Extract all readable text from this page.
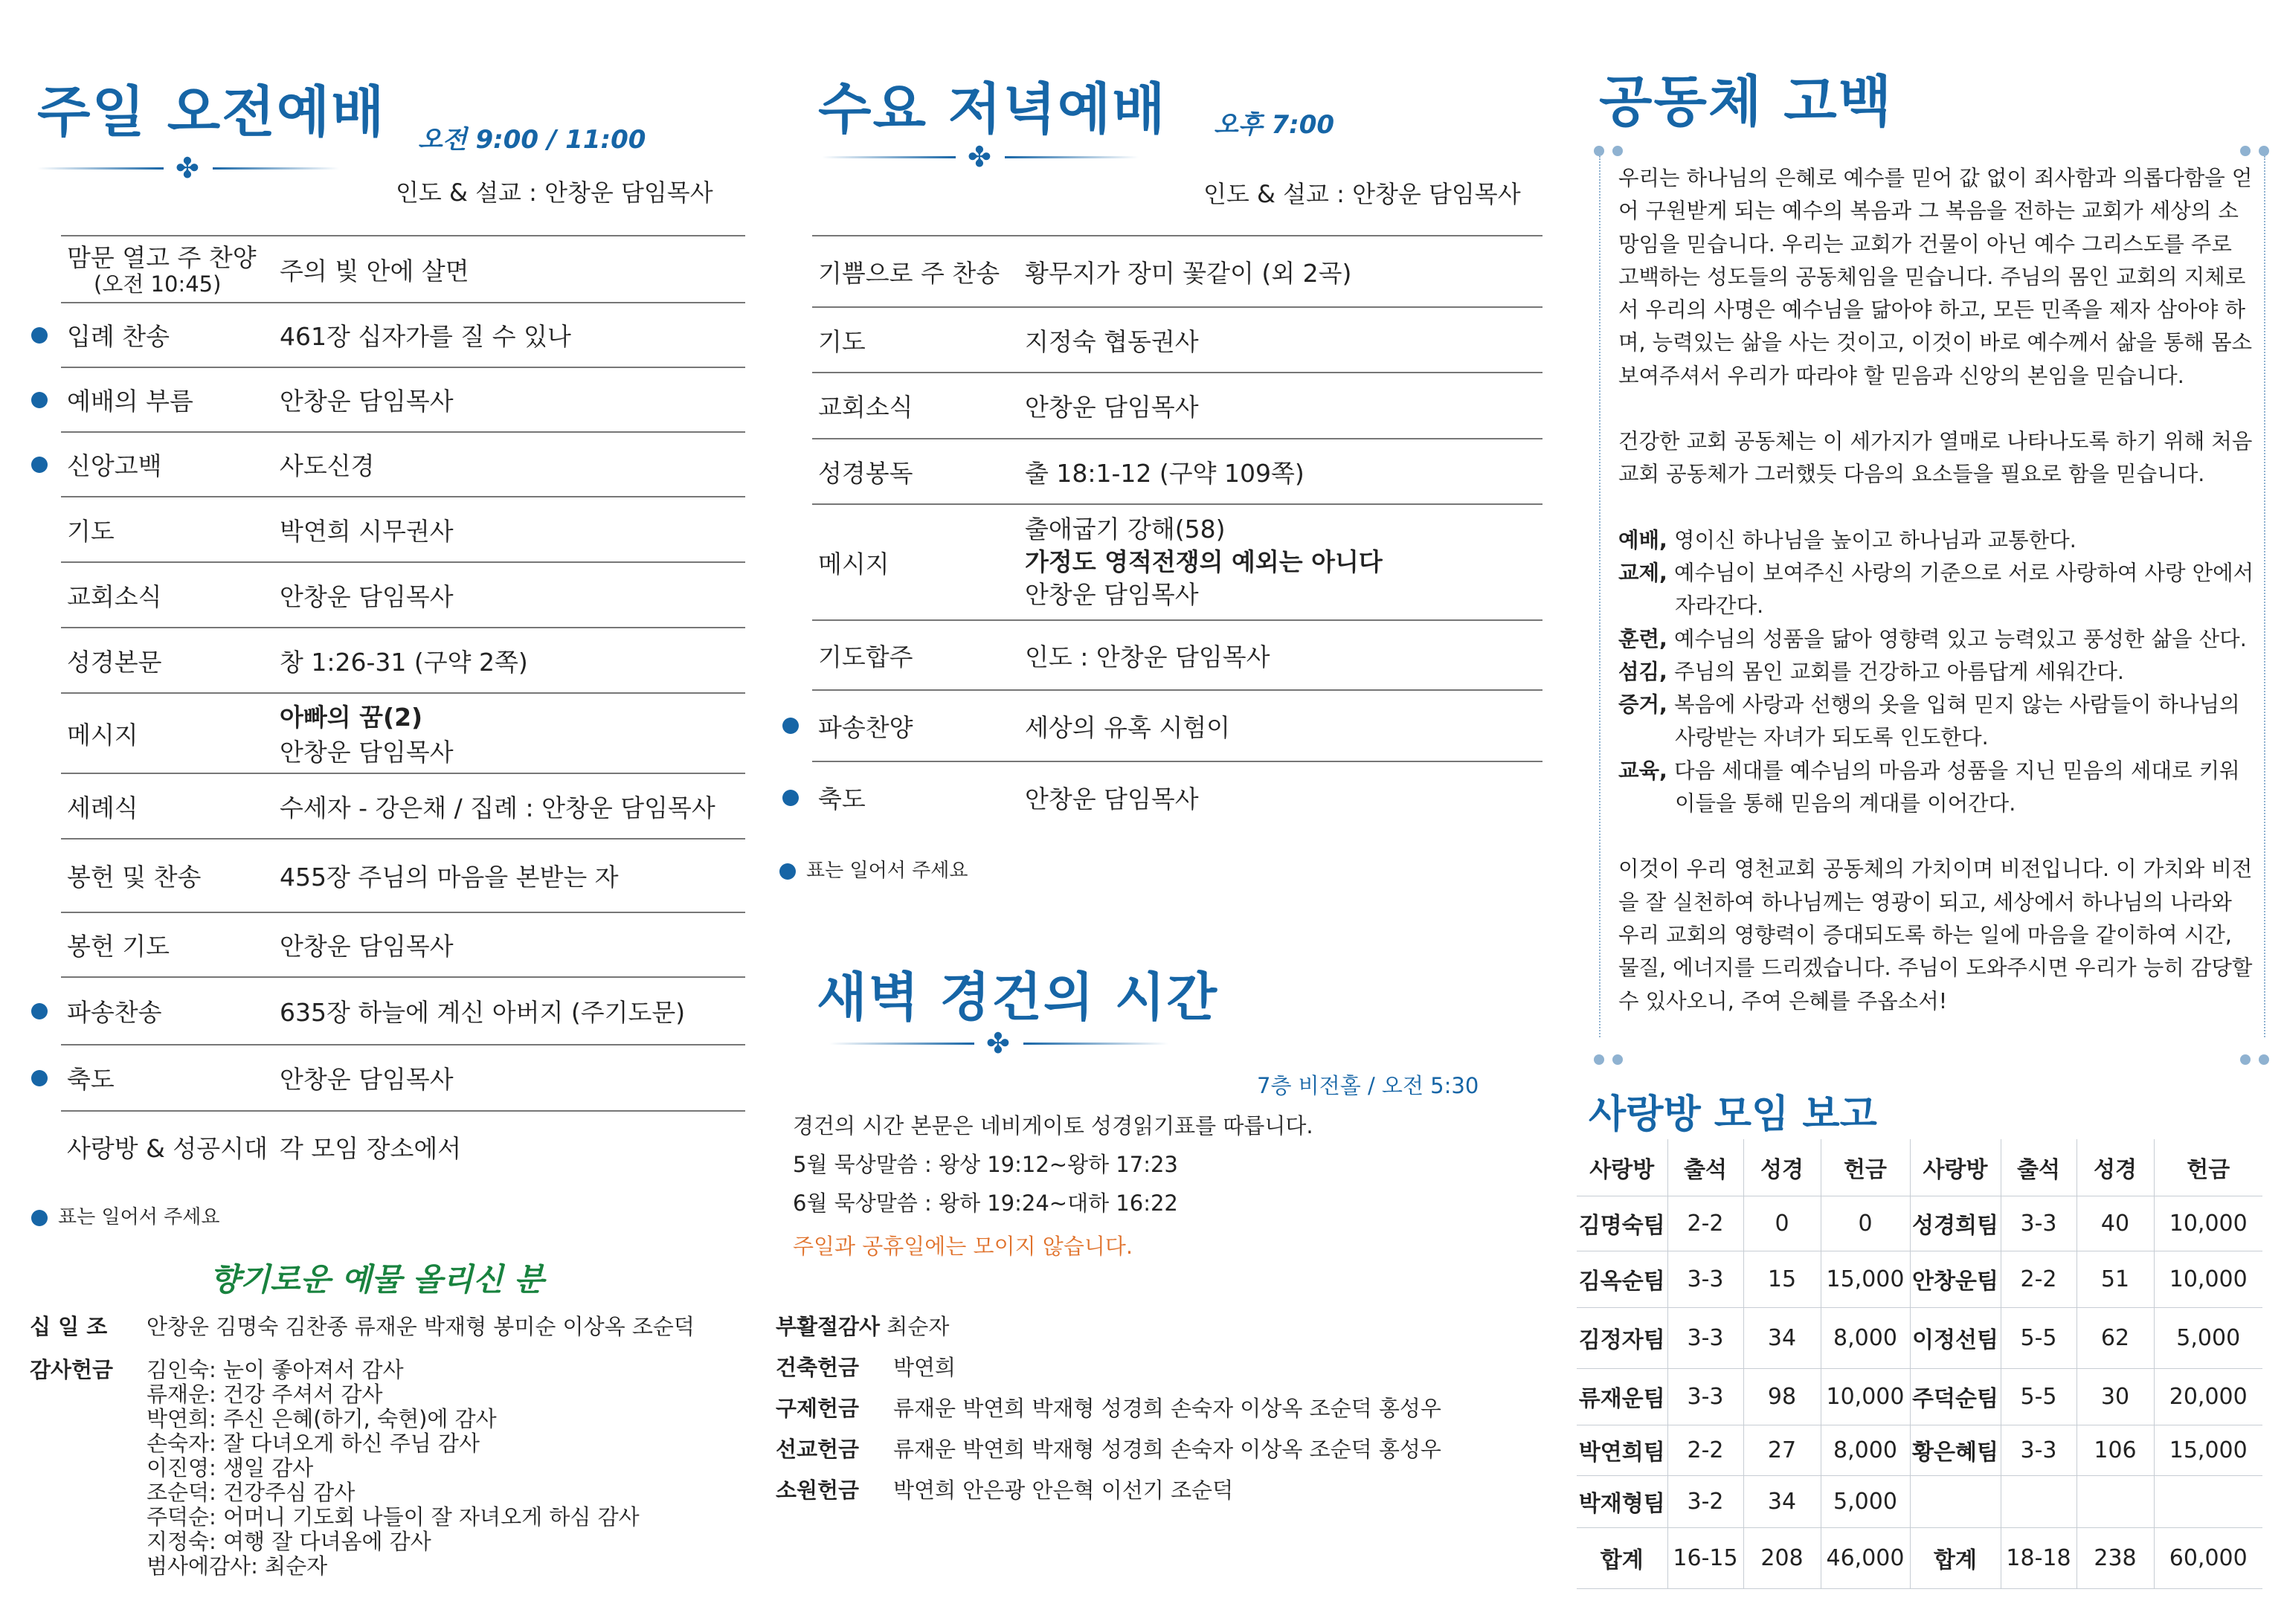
주일 오전예배
✤
오전 9:00 / 11:00
인도 & 설교 : 안창운 담임목사
맘문 열고 주 찬양
(오전 10:45)	주의 빛 안에 살면

입례 찬송	461장 십자가를 질 수 있나

예배의 부름	안창운 담임목사

신앙고백	사도신경
기도	박연희 시무권사
교회소식	안창운 담임목사
성경본문	창 1:26-31 (구약 2쪽)
메시지	아빠의 꿈(2)
안창운 담임목사

세례식	수세자 - 강은채 / 집례 : 안창운 담임목사
봉헌 및 찬송	455장 주님의 마음을 본받는 자
봉헌 기도	안창운 담임목사

파송찬송	635장 하늘에 계신 아버지 (주기도문)

축도	안창운 담임목사
사랑방 & 성공시대	각 모임 장소에서
표는 일어서 주세요
향기로운 예물 올리신 분
십 일 조 안창운 김명숙 김찬종 류재운 박재형 봉미순 이상옥 조순덕
감사헌금 김인숙: 눈이 좋아져서 감사
류재운: 건강 주셔서 감사
박연희: 주신 은혜(하기, 숙현)에 감사
손숙자: 잘 다녀오게 하신 주님 감사
이진영: 생일 감사
조순덕: 건강주심 감사
주덕순: 어머니 기도회 나들이 잘 자녀오게 하심 감사
지정숙: 여행 잘 다녀옴에 감사
범사에감사: 최순자
부활절감사 최순자
건축헌금 박연희
구제헌금 류재운 박연희 박재형 성경희 손숙자 이상옥 조순덕 홍성우
선교헌금 류재운 박연희 박재형 성경희 손숙자 이상옥 조순덕 홍성우
소원헌금 박연희 안은광 안은혁 이선기 조순덕
수요 저녁예배
✤
오후 7:00
인도 & 설교 : 안창운 담임목사
기쁨으로 주 찬송	황무지가 장미 꽃같이 (외 2곡)
기도	지정숙 협동권사
교회소식	안창운 담임목사
성경봉독	출 18:1-12 (구약 109쪽)
메시지	출애굽기 강해(58)
가정도 영적전쟁의 예외는 아니다
안창운 담임목사

기도합주	인도 : 안창운 담임목사

파송찬양	세상의 유혹 시험이

축도	안창운 담임목사
표는 일어서 주세요
새벽 경건의 시간
✤
7층 비전홀 / 오전 5:30
경건의 시간 본문은 네비게이토 성경읽기표를 따릅니다.
5월 묵상말씀 : 왕상 19:12~왕하 17:23
6월 묵상말씀 : 왕하 19:24~대하 16:22
주일과 공휴일에는 모이지 않습니다.
공동체 고백

우리는 하나님의 은혜로 예수를 믿어 값 없이 죄사함과 의롭다함을 얻어 구원받게 되는 예수의 복음과 그 복음을 전하는 교회가 세상의 소망임을 믿습니다. 우리는 교회가 건물이 아닌 예수 그리스도를 주로 고백하는 성도들의 공동체임을 믿습니다. 주님의 몸인 교회의 지체로서 우리의 사명은 예수님을 닮아야 하고, 모든 민족을 제자 삼아야 하며, 능력있는 삶을 사는 것이고, 이것이 바로 예수께서 삶을 통해 몸소 보여주셔서 우리가 따라야 할 믿음과 신앙의 본임을 믿습니다.

건강한 교회 공동체는 이 세가지가 열매로 나타나도록 하기 위해 처음 교회 공동체가 그러했듯 다음의 요소들을 필요로 함을 믿습니다.

예배, 영이신 하나님을 높이고 하나님과 교통한다.

교제, 예수님이 보여주신 사랑의 기준으로 서로 사랑하여 사랑 안에서

자라간다.

훈련, 예수님의 성품을 닮아 영향력 있고 능력있고 풍성한 삶을 산다.

섬김, 주님의 몸인 교회를 건강하고 아름답게 세워간다.

증거, 복음에 사랑과 선행의 옷을 입혀 믿지 않는 사람들이 하나님의

사랑받는 자녀가 되도록 인도한다.

교육, 다음 세대를 예수님의 마음과 성품을 지닌 믿음의 세대로 키워

이들을 통해 믿음의 계대를 이어간다.

이것이 우리 영천교회 공동체의 가치이며 비전입니다. 이 가치와 비전을 잘 실천하여 하나님께는 영광이 되고, 세상에서 하나님의 나라와 우리 교회의 영향력이 증대되도록 하는 일에 마음을 같이하여 시간, 물질, 에너지를 드리겠습니다. 주님이 도와주시면 우리가 능히 감당할 수 있사오니, 주여 은혜를 주옵소서!

사랑방 모임 보고
사랑방	출석	성경	헌금	사랑방	출석	성경	헌금
김명숙팀	2-2	0	0	성경희팀	3-3	40	10,000
김옥순팀	3-3	15	15,000	안창운팀	2-2	51	10,000
김정자팀	3-3	34	8,000	이정선팀	5-5	62	5,000
류재운팀	3-3	98	10,000	주덕순팀	5-5	30	20,000
박연희팀	2-2	27	8,000	황은혜팀	3-3	106	15,000
박재형팀	3-2	34	5,000				
합계	16-15	208	46,000	합계	18-18	238	60,000
